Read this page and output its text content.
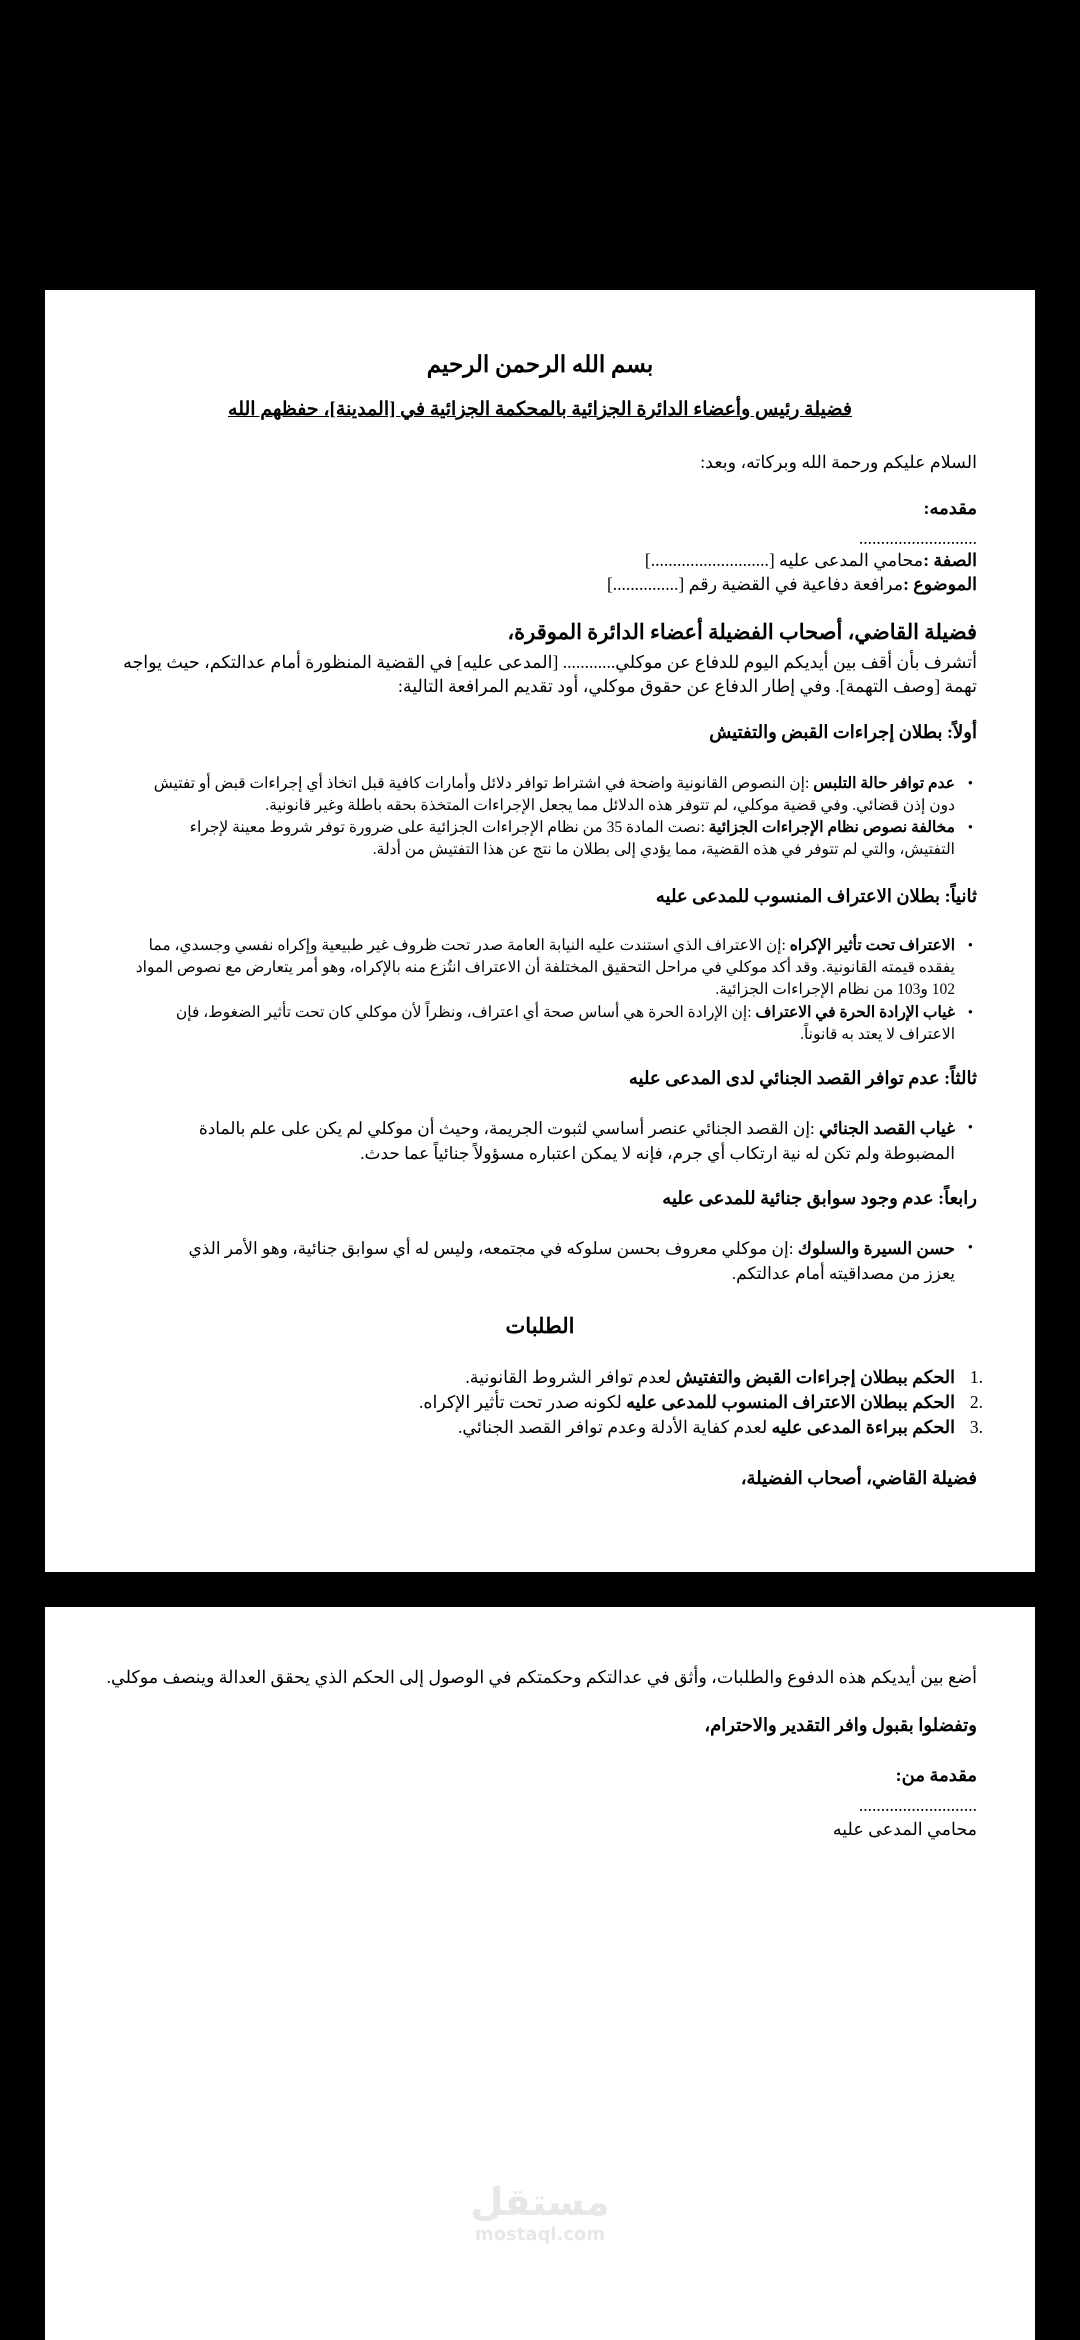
بسم الله الرحمن الرحيم
فضيلة رئيس وأعضاء الدائرة الجزائية بالمحكمة الجزائية في [المدينة]، حفظهم الله
السلام عليكم ورحمة الله وبركاته، وبعد:
مقدمه:
...........................
الصفة :محامي المدعى عليه [...........................]
الموضوع :مرافعة دفاعية في القضية رقم [...............]
فضيلة القاضي، أصحاب الفضيلة أعضاء الدائرة الموقرة،
أتشرف بأن أقف بين أيديكم اليوم للدفاع عن موكلي............ [المدعى عليه] في القضية المنظورة أمام عدالتكم، حيث يواجه
تهمة [وصف التهمة]. وفي إطار الدفاع عن حقوق موكلي، أود تقديم المرافعة التالية:
أولاً: بطلان إجراءات القبض والتفتيش
• عدم توافر حالة التلبس :إن النصوص القانونية واضحة في اشتراط توافر دلائل وأمارات كافية قبل اتخاذ أي إجراءات قبض أو تفتيش
دون إذن قضائي. وفي قضية موكلي، لم تتوفر هذه الدلائل مما يجعل الإجراءات المتخذة بحقه باطلة وغير قانونية.
• مخالفة نصوص نظام الإجراءات الجزائية :نصت المادة 35 من نظام الإجراءات الجزائية على ضرورة توفر شروط معينة لإجراء
التفتيش، والتي لم تتوفر في هذه القضية، مما يؤدي إلى بطلان ما نتج عن هذا التفتيش من أدلة.
ثانياً: بطلان الاعتراف المنسوب للمدعى عليه
• الاعتراف تحت تأثير الإكراه :إن الاعتراف الذي استندت عليه النيابة العامة صدر تحت ظروف غير طبيعية وإكراه نفسي وجسدي، مما
يفقده قيمته القانونية. وقد أكد موكلي في مراحل التحقيق المختلفة أن الاعتراف انتُزع منه بالإكراه، وهو أمر يتعارض مع نصوص المواد
102 و103 من نظام الإجراءات الجزائية.
• غياب الإرادة الحرة في الاعتراف :إن الإرادة الحرة هي أساس صحة أي اعتراف، ونظراً لأن موكلي كان تحت تأثير الضغوط، فإن
الاعتراف لا يعتد به قانوناً.
ثالثاً: عدم توافر القصد الجنائي لدى المدعى عليه
• غياب القصد الجنائي :إن القصد الجنائي عنصر أساسي لثبوت الجريمة، وحيث أن موكلي لم يكن على علم بالمادة
المضبوطة ولم تكن له نية ارتكاب أي جرم، فإنه لا يمكن اعتباره مسؤولاً جنائياً عما حدث.
رابعاً: عدم وجود سوابق جنائية للمدعى عليه
• حسن السيرة والسلوك :إن موكلي معروف بحسن سلوكه في مجتمعه، وليس له أي سوابق جنائية، وهو الأمر الذي
يعزز من مصداقيته أمام عدالتكم.
الطلبات
.1
الحكم ببطلان إجراءات القبض والتفتيش لعدم توافر الشروط القانونية.
.2
الحكم ببطلان الاعتراف المنسوب للمدعى عليه لكونه صدر تحت تأثير الإكراه.
.3
الحكم ببراءة المدعى عليه لعدم كفاية الأدلة وعدم توافر القصد الجنائي.
فضيلة القاضي، أصحاب الفضيلة،
أضع بين أيديكم هذه الدفوع والطلبات، وأثق في عدالتكم وحكمتكم في الوصول إلى الحكم الذي يحقق العدالة وينصف موكلي.
وتفضلوا بقبول وافر التقدير والاحترام،
مقدمة من:
...........................
محامي المدعى عليه
مستقل
mostaql.com
